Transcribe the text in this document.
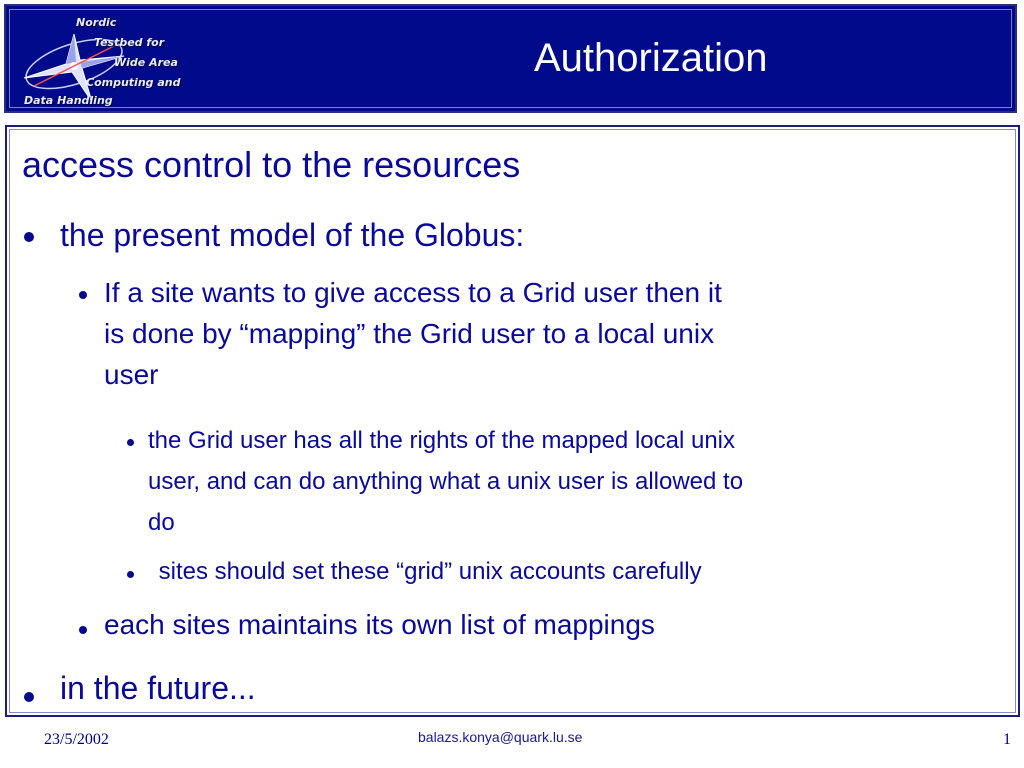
Nordic
Testbed for
Wide Area
Computing and
Data Handling
Authorization

access control to the resources

the present model of the Globus:

If a site wants to give access to a Grid user then it

is done by “mapping” the Grid user to a local unix

user

the Grid user has all the rights of the mapped local unix

user, and can do anything what a unix user is allowed to

do

sites should set these “grid” unix accounts carefully

each sites maintains its own list of mappings

in the future...

23/5/2002	balazs.konya@quark.lu.se	1
